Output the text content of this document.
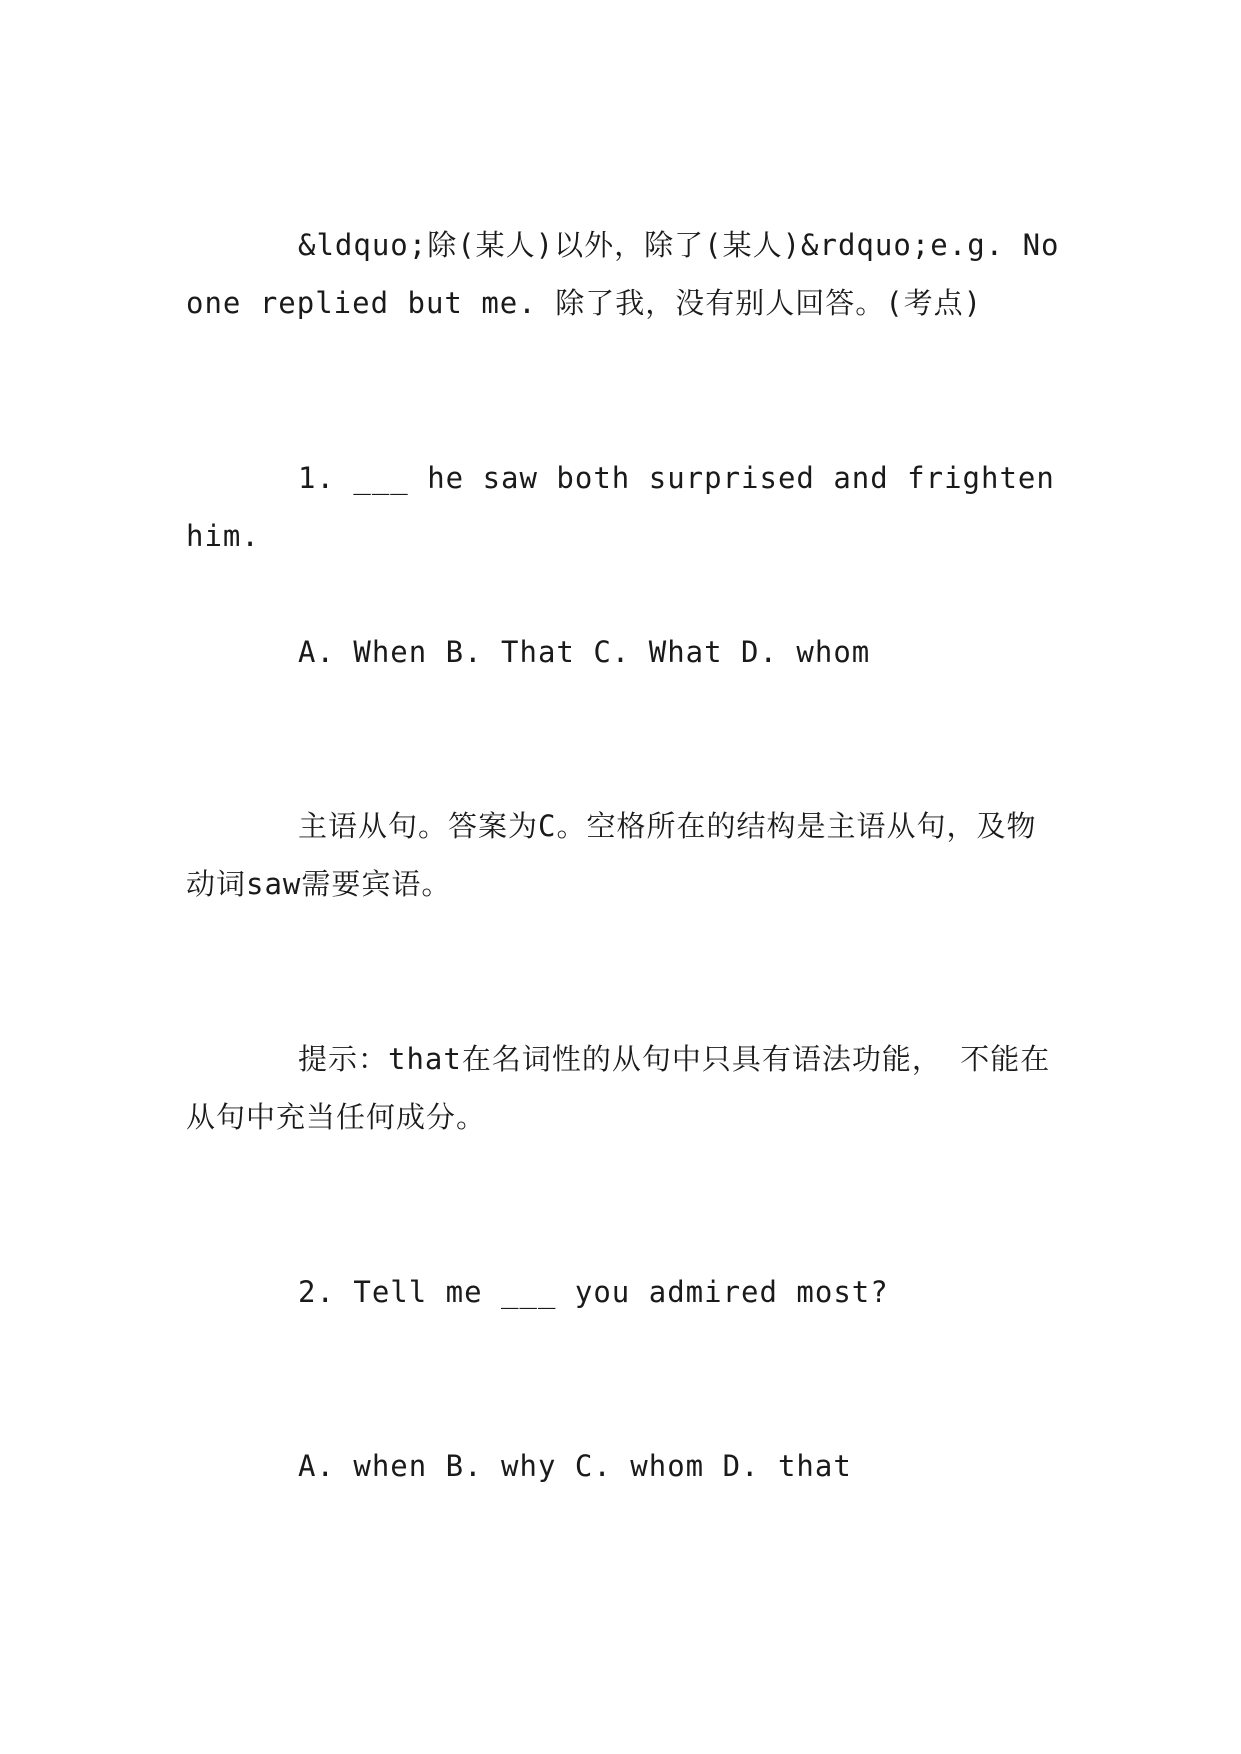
&ldquo;除(某人)以外，除了(某人)&rdquo;e.g. No one replied but me. 除了我，没有别人回答。(考点)

1. ___ he saw both surprised and frighten him.

A. When B. That C. What D. whom

主语从句。答案为C。空格所在的结构是主语从句，及物动词saw需要宾语。

提示：that在名词性的从句中只具有语法功能， 不能在从句中充当任何成分。

2. Tell me ___ you admired most?

A. when B. why C. whom D. that
